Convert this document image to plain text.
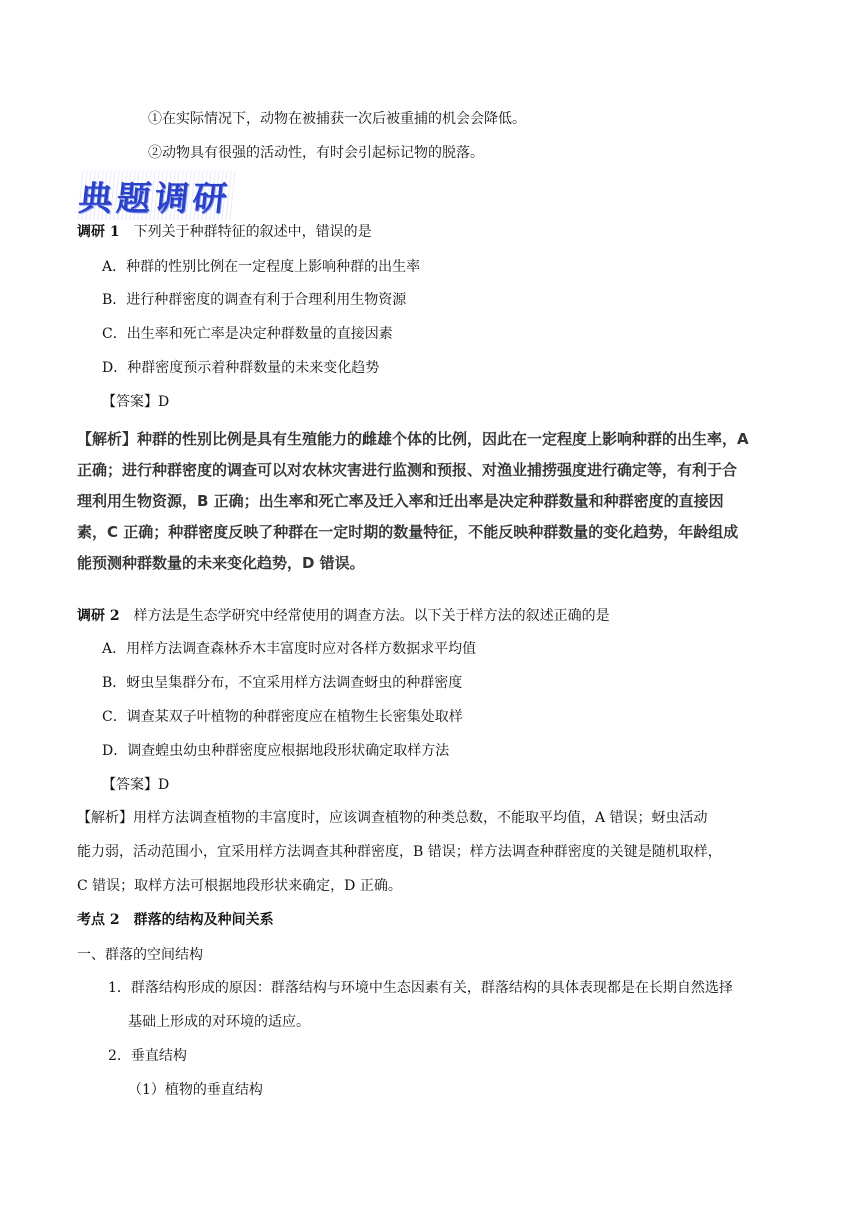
①在实际情况下，动物在被捕获一次后被重捕的机会会降低。
②动物具有很强的活动性，有时会引起标记物的脱落。
典题调研
调研 1　 下列关于种群特征的叙述中，错误的是
A．种群的性别比例在一定程度上影响种群的出生率
B．进行种群密度的调查有利于合理利用生物资源
C．出生率和死亡率是决定种群数量的直接因素
D．种群密度预示着种群数量的未来变化趋势
【答案】D
【解析】种群的性别比例是具有生殖能力的雌雄个体的比例，因此在一定程度上影响种群的出生率，A
正确；进行种群密度的调查可以对农林灾害进行监测和预报、对渔业捕捞强度进行确定等，有利于合
理利用生物资源，B 正确；出生率和死亡率及迁入率和迁出率是决定种群数量和种群密度的直接因
素，C 正确；种群密度反映了种群在一定时期的数量特征，不能反映种群数量的变化趋势，年龄组成
能预测种群数量的未来变化趋势，D 错误。
调研 2　 样方法是生态学研究中经常使用的调查方法。以下关于样方法的叙述正确的是
A．用样方法调查森林乔木丰富度时应对各样方数据求平均值
B．蚜虫呈集群分布，不宜采用样方法调查蚜虫的种群密度
C．调查某双子叶植物的种群密度应在植物生长密集处取样
D．调查蝗虫幼虫种群密度应根据地段形状确定取样方法
【答案】D
【解析】用样方法调查植物的丰富度时，应该调查植物的种类总数，不能取平均值，A 错误；蚜虫活动
能力弱，活动范围小，宜采用样方法调查其种群密度，B 错误；样方法调查种群密度的关键是随机取样，
C 错误；取样方法可根据地段形状来确定，D 正确。
考点 2　群落的结构及种间关系
一、群落的空间结构
1．群落结构形成的原因：群落结构与环境中生态因素有关，群落结构的具体表现都是在长期自然选择
基础上形成的对环境的适应。
2．垂直结构
（1）植物的垂直结构
